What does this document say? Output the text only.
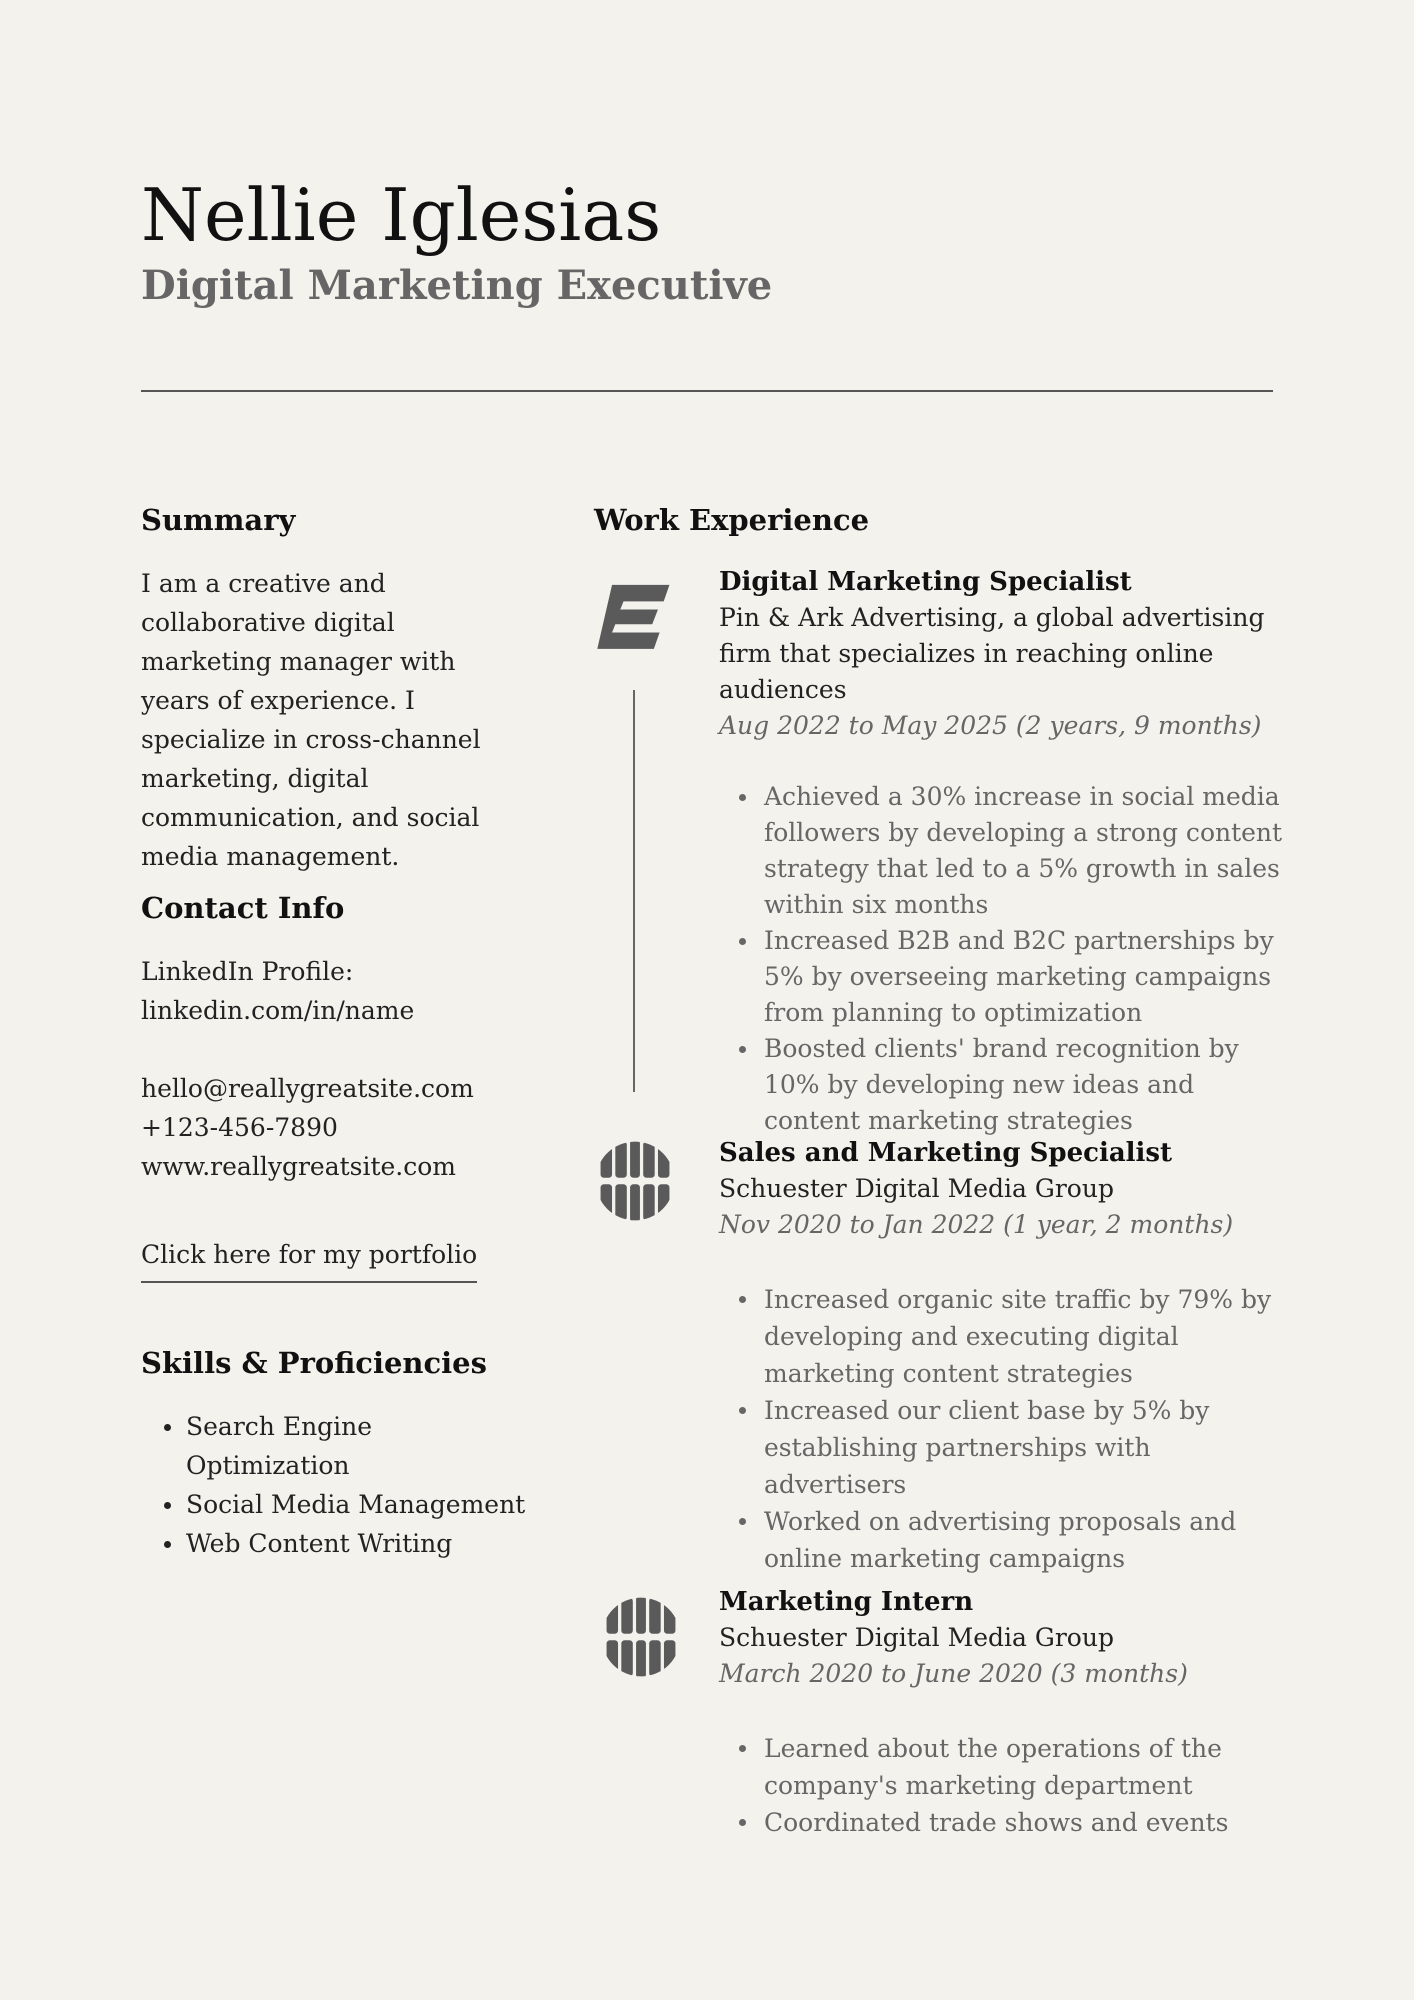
Nellie Iglesias
Digital Marketing Executive
Summary

I am a creative and collaborative digital marketing manager with years of experience. I specialize in cross-channel marketing, digital communication, and social media management.

Contact Info
LinkedIn Profile:
linkedin.com/in/name
hello@reallygreatsite.com
+123-456-7890
www.reallygreatsite.com
Click here for my portfolio
Skills & Proficiencies
Search Engine Optimization
Social Media Management
Web Content Writing
Work Experience

Digital Marketing Specialist

Pin & Ark Advertising, a global advertising firm that specializes in reaching online audiences

Aug 2022 to May 2025 (2 years, 9 months)

Achieved a 30% increase in social media followers by developing a strong content strategy that led to a 5% growth in sales within six months
Increased B2B and B2C partnerships by 5% by overseeing marketing campaigns from planning to optimization
Boosted clients' brand recognition by 10% by developing new ideas and content marketing strategies

Sales and Marketing Specialist

Schuester Digital Media Group

Nov 2020 to Jan 2022 (1 year, 2 months)

Increased organic site traffic by 79% by developing and executing digital marketing content strategies
Increased our client base by 5% by establishing partnerships with advertisers
Worked on advertising proposals and online marketing campaigns

Marketing Intern

Schuester Digital Media Group

March 2020 to June 2020 (3 months)

Learned about the operations of the company's marketing department
Coordinated trade shows and events
